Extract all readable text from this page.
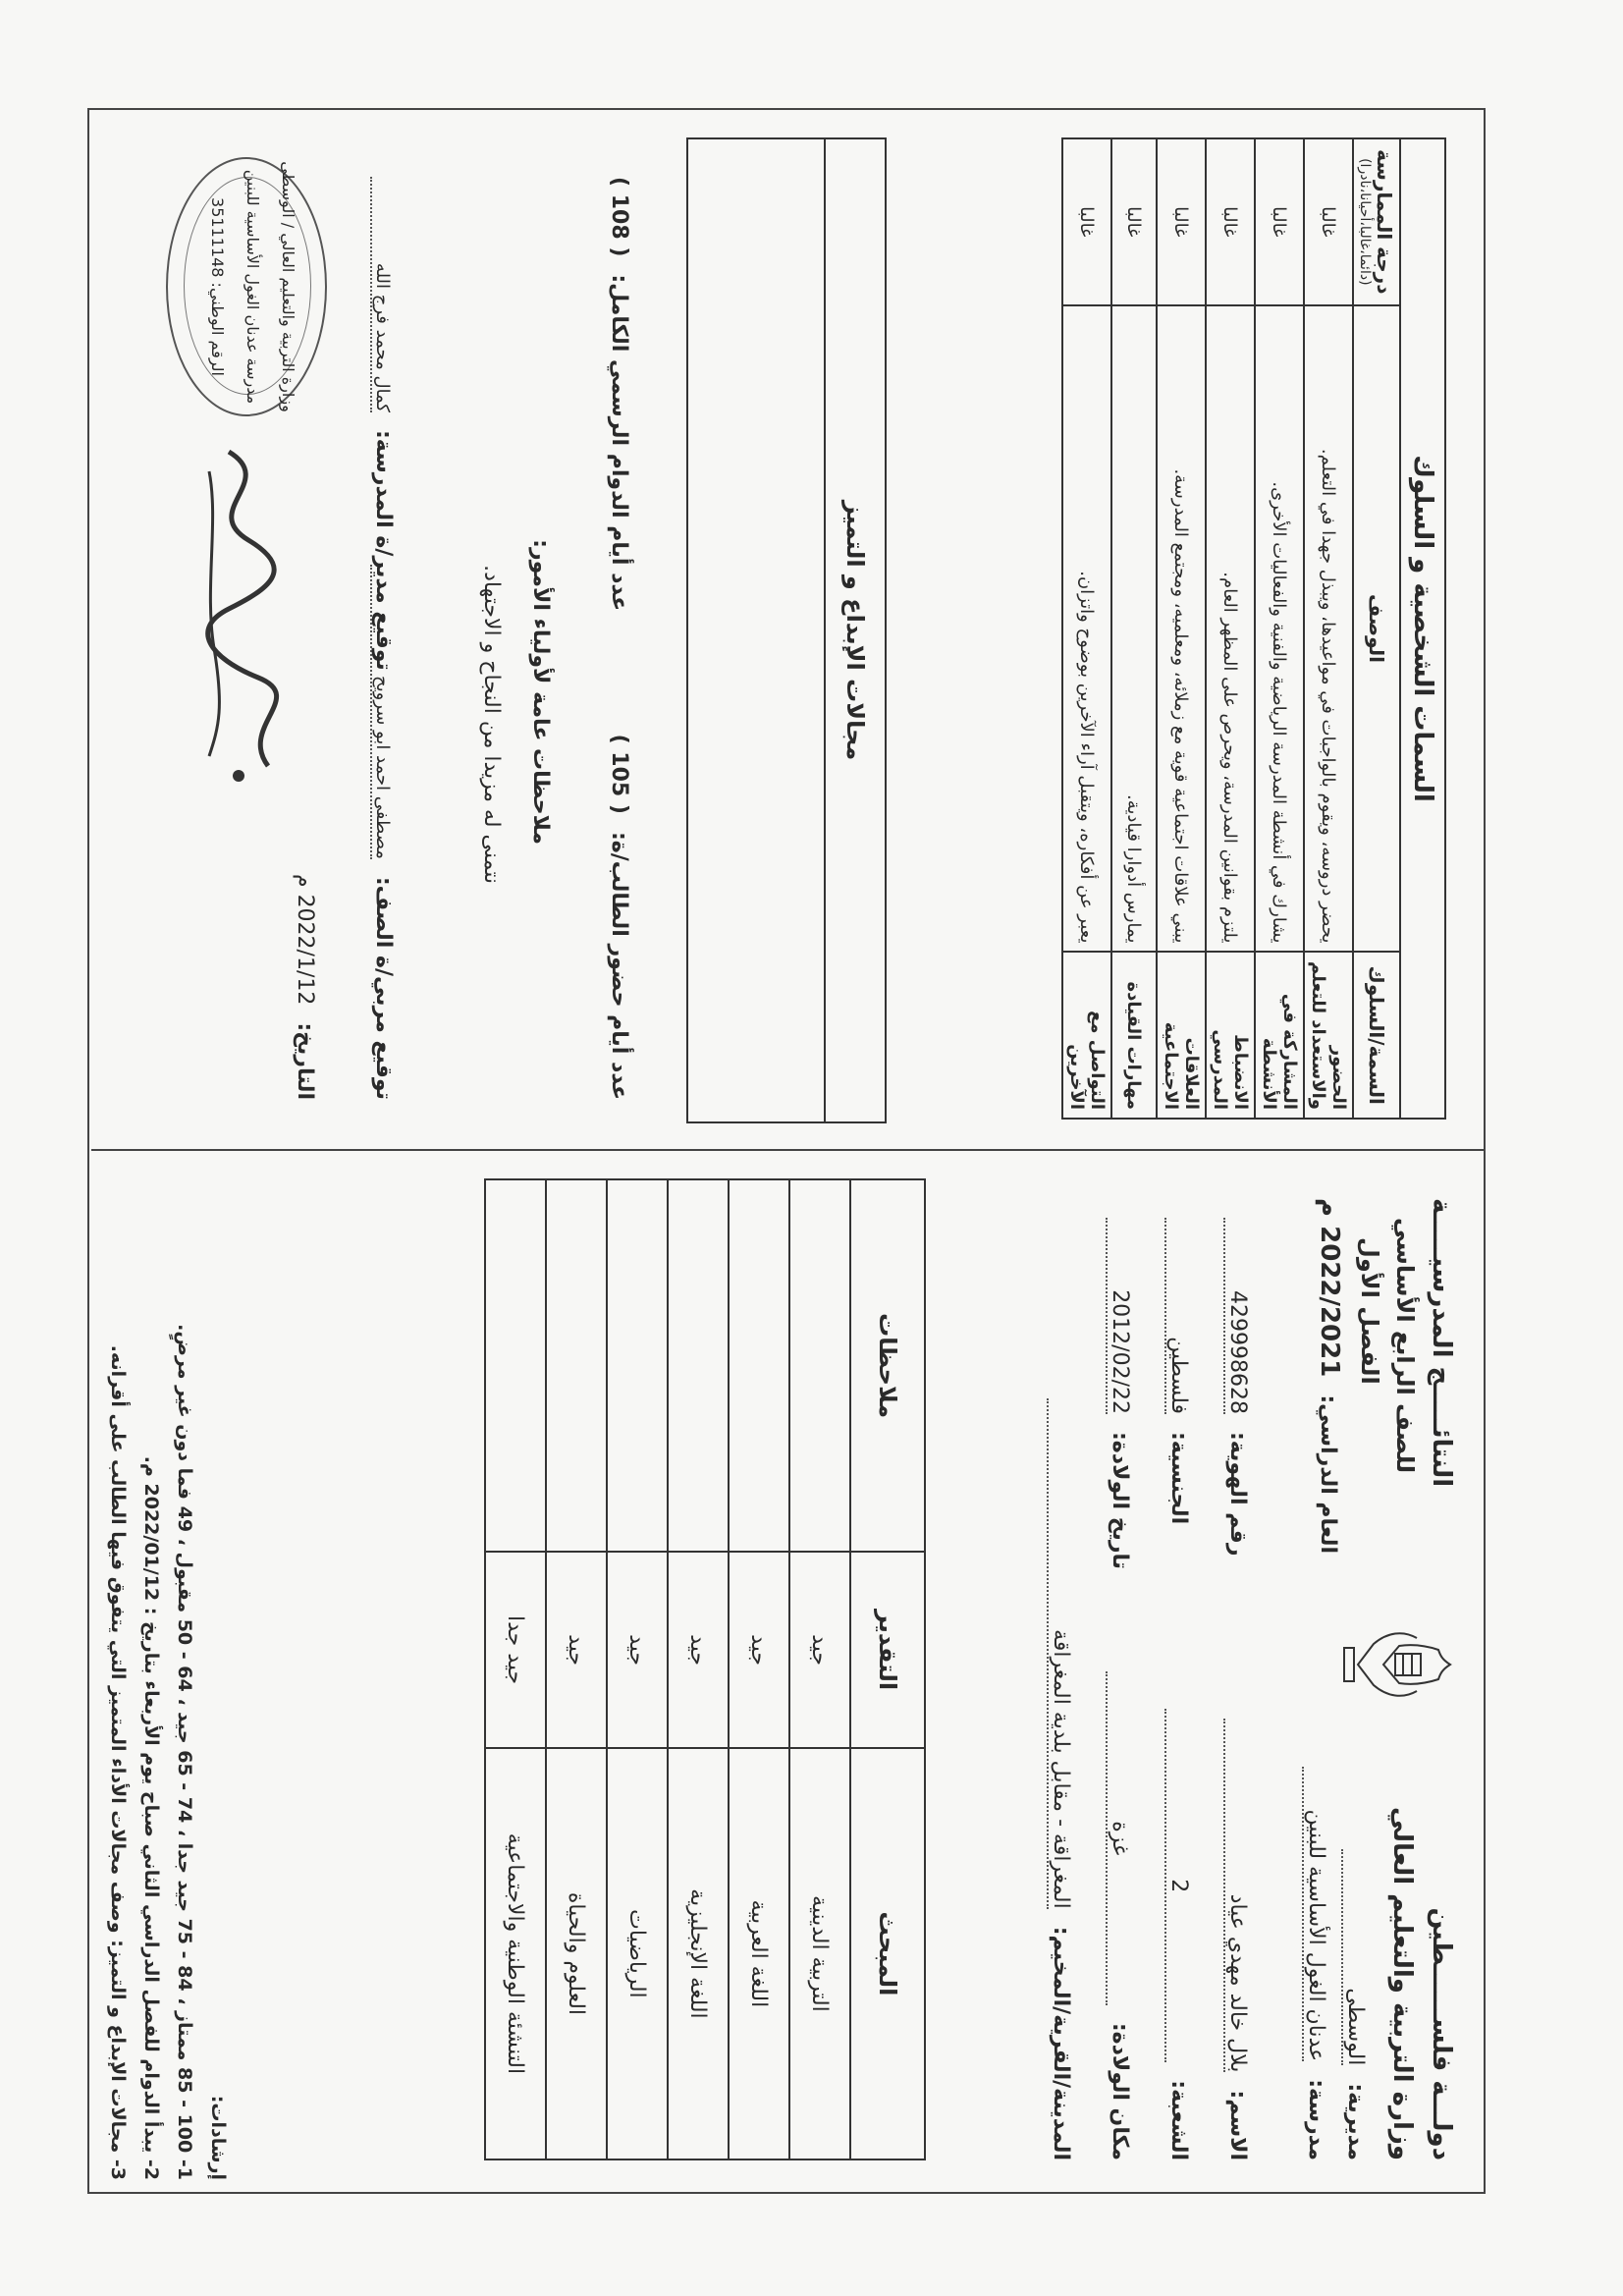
دولـــة فلســــــطين
وزارة التربية والتعليم العالي
مديرية:
الوسطى
مدرسة:
عدنان الغول الأساسية للبنين
النتائـــــج المدرسيـــــة
للصف الرابع الأساسي
الفصل الأول
العام الدراسي:
2022/2021 م
الاسم:
بلال خالد مهدي عياد
رقم الهوية:
429998628
الشعبة:
2
الجنسية:
فلسطين
مكان الولادة:
غزة
تاريخ الولادة:
2012/02/22
المدينة/القرية/المخيم:
المغراقة - مقابل بلدية المغراقة
المبحث	التقدير	ملاحظات
التربية الدينية	جيد	
اللغة العربية	جيد	
اللغة الإنجليزية	جيد	
الرياضيات	جيد	
العلوم والحياة	جيد	
التنشئة الوطنية والاجتماعية	جيد جدا	
إرشادات:
1- 100 - 85 ممتاز ، 84 - 75 جيد جدا ، 74 - 65 جيد ، 64 - 50 مقبول ، 49 فما دون غير مرضٍ.
2- يبدأ الدوام للفصل الدراسي الثاني صباح يوم الأربعاء بتاريخ : 2022/01/12 م.
3- مجالات الإبداع و التميز: وصف مجالات الأداء المتميز التي يتفوق فيها الطالب على أقرانه.
السمات الشخصية و السلوك		
السمة/السلوك	الوصف	درجة الممارسة
(دائما،غالبا،أحيانا،نادرا)

الحضور والاستعداد للتعلم	يحضر دروسه، ويقوم بالواجبات في مواعيدها، ويبذل جهدا في التعلم.	غالبا
المشاركة في الأنشطة	يشارك في أنشطة المدرسة الرياضية والفنية والفعاليات الأخرى.	غالبا
الانضباط المدرسي	يلتزم بقوانين المدرسة، ويحرص على المظهر العام.	غالبا
العلاقات الاجتماعية	يبني علاقات اجتماعية قوية مع زملائه، ومعلميه، ومجتمع المدرسة.	غالبا
مهارات القيادة	يمارس أدوارا قيادية.	غالبا
التواصل مع الآخرين	يعبر عن أفكاره، ويتقبل آراء الآخرين بوضوح واتزان.	غالبا
مجالات الإبداع و التميز
عدد أيام حضور الطالب/ة:
( 105 )
عدد أيام الدوام الرسمي الكامل:
( 108 )
ملاحظات عامة لأولياء الأمور:
نتمنى له مزيدا من النجاح و الاجتهاد.
توقيع مربي/ة الصف:
مصطفى احمد ابو سرويح
توقيع مدير/ة المدرسة:
كمال محمد فرج الله
التاريخ:
2022/1/12 م
وزارة التربية والتعليم العالي / الوسطى
مدرسة عدنان الغول الأساسية للبنين
الرقم الوطني: 35111148
